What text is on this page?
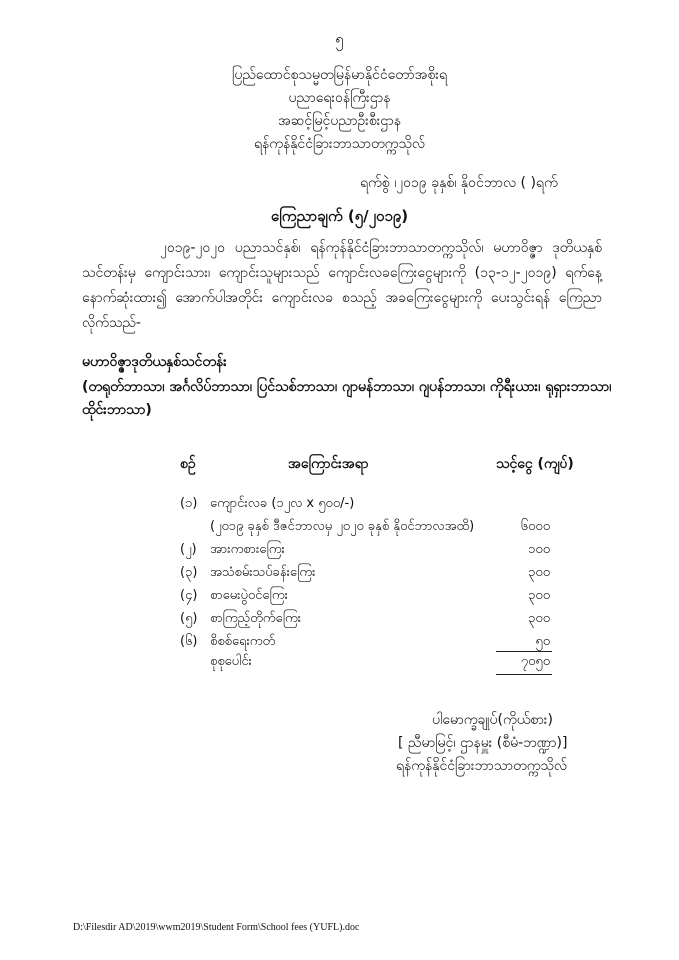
၅
ပြည်ထောင်စုသမ္မတမြန်မာနိုင်ငံတော်အစိုးရ
ပညာရေးဝန်ကြီးဌာန
အဆင့်မြင့်ပညာဦးစီးဌာန
ရန်ကုန်နိုင်ငံခြားဘာသာတက္ကသိုလ်
ရက်စွဲ ၊၂၀၁၉ ခုနှစ်၊ နိုဝင်ဘာလ ( )ရက်
ကြေညာချက် (၅/၂၀၁၉)
၂၀၁၉-၂၀၂၀ ပညာသင်နှစ်၊ ရန်ကုန်နိုင်ငံခြားဘာသာတက္ကသိုလ်၊ မဟာဝိဇ္ဇာ ဒုတိယနှစ်သင်တန်းမှ ကျောင်းသား၊ ကျောင်းသူများသည် ကျောင်းလခကြေးငွေများကို (၁၃-၁၂-၂၀၁၉) ရက်နေ့ နောက်ဆုံးထား၍ အောက်ပါအတိုင်း ကျောင်းလခ စသည့် အခကြေးငွေများကို ပေးသွင်းရန် ကြေညာလိုက်သည်-
မဟာဝိဇ္ဇာဒုတိယနှစ်သင်တန်း
(တရုတ်ဘာသာ၊ အင်္ဂလိပ်ဘာသာ၊ ပြင်သစ်ဘာသာ၊ ဂျာမန်ဘာသာ၊ ဂျပန်ဘာသာ၊ ကိုရီးယား၊ ရုရှားဘာသာ၊ ထိုင်းဘာသာ)
စဉ်	အကြောင်းအရာ	သင့်ငွေ (ကျပ်)
(၁) ကျောင်းလခ (၁၂လ x ၅၀၀/-)
(၂၀၁၉ ခုနှစ် ဒီဇင်ဘာလမှ ၂၀၂၀ ခုနှစ် နိုဝင်ဘာလအထိ)	၆၀၀၀
(၂) အားကစားကြေး	၁၀၀
(၃) အသံစမ်းသပ်ခန်းကြေး	၃၀၀
(၄) စာမေးပွဲဝင်ကြေး	၃၀၀
(၅) စာကြည့်တိုက်ကြေး	၃၀၀
(၆) စိစစ်ရေးကတ်	၅၀
စုစုပေါင်း	၇၀၅၀
ပါမောက္ခချုပ်(ကိုယ်စား)
[ ညီမာမြင့်၊ ဌာနမှူး (စီမံ-ဘဏ္ဍာ)]
ရန်ကုန်နိုင်ငံခြားဘာသာတက္ကသိုလ်
D:\Filesdir AD\2019\wwm2019\Student Form\School fees (YUFL).doc
